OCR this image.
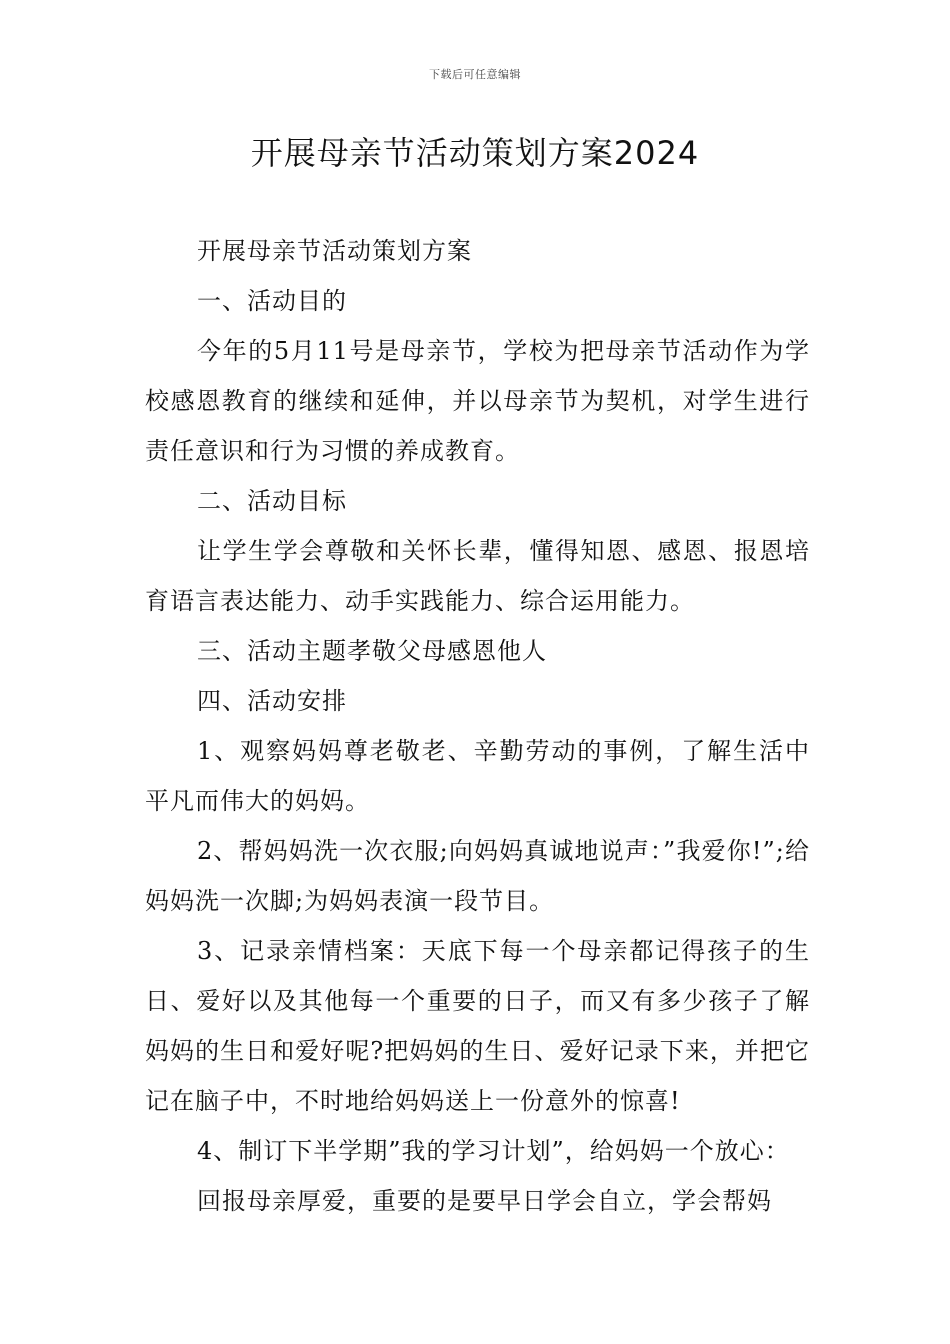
下载后可任意编辑
开展母亲节活动策划方案2024

开展母亲节活动策划方案

一、活动目的

今年的5月11号是母亲节，学校为把母亲节活动作为学校感恩教育的继续和延伸，并以母亲节为契机，对学生进行责任意识和行为习惯的养成教育。

二、活动目标

让学生学会尊敬和关怀长辈，懂得知恩、感恩、报恩培育语言表达能力、动手实践能力、综合运用能力。

三、活动主题孝敬父母感恩他人

四、活动安排

1、观察妈妈尊老敬老、辛勤劳动的事例，了解生活中平凡而伟大的妈妈。

2、帮妈妈洗一次衣服;向妈妈真诚地说声：”我爱你!”;给妈妈洗一次脚;为妈妈表演一段节目。

3、记录亲情档案：天底下每一个母亲都记得孩子的生日、爱好以及其他每一个重要的日子，而又有多少孩子了解妈妈的生日和爱好呢?把妈妈的生日、爱好记录下来，并把它记在脑子中，不时地给妈妈送上一份意外的惊喜!

4、制订下半学期”我的学习计划”，给妈妈一个放心：

回报母亲厚爱，重要的是要早日学会自立，学会帮妈
